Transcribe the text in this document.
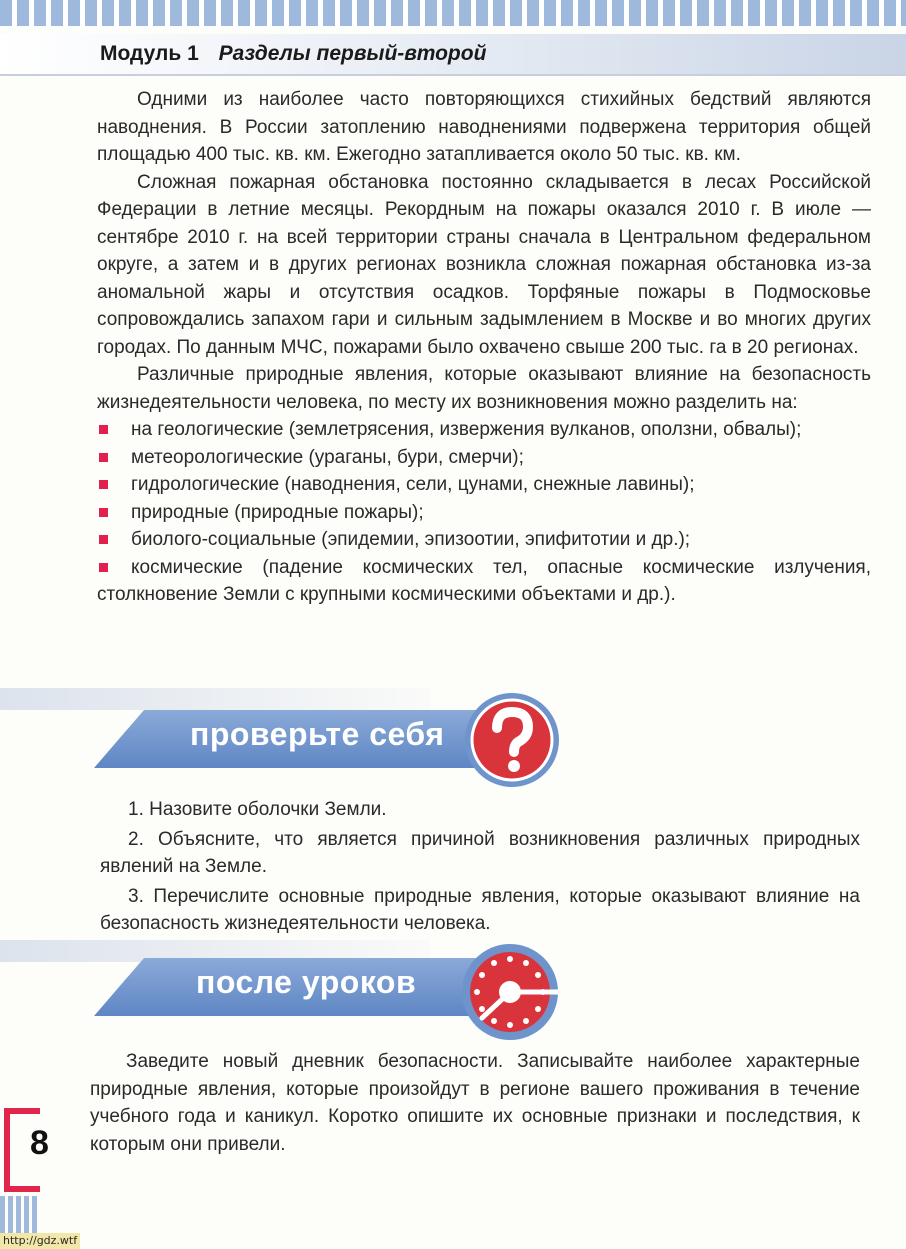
Модуль 1 Разделы первый-второй

Одними из наиболее часто повторяющихся стихийных бедствий являются наводнения. В России затоплению наводнениями подвержена территория общей площадью 400 тыс. кв. км. Ежегодно затапливается около 50 тыс. кв. км.

Сложная пожарная обстановка постоянно складывается в лесах Российской Федерации в летние месяцы. Рекордным на пожары оказался 2010 г. В июле — сентябре 2010 г. на всей территории страны сначала в Центральном федеральном округе, а затем и в других регионах возникла сложная пожарная обстановка из-за аномальной жары и отсутствия осадков. Торфяные пожары в Подмосковье сопровождались запахом гари и сильным задымлением в Москве и во многих других городах. По данным МЧС, пожарами было охвачено свыше 200 тыс. га в 20 регионах.

Различные природные явления, которые оказывают влияние на безопасность жизнедеятельности человека, по месту их возникновения можно разделить на:

на геологические (землетрясения, извержения вулканов, оползни, обвалы);
метеорологические (ураганы, бури, смерчи);
гидрологические (наводнения, сели, цунами, снежные лавины);
природные (природные пожары);
биолого-социальные (эпидемии, эпизоотии, эпифитотии и др.);
космические (падение космических тел, опасные космические излучения, столкновение Земли с крупными космическими объектами и др.).
проверьте себя

1. Назовите оболочки Земли.

2. Объясните, что является причиной возникновения различных природных явлений на Земле.

3. Перечислите основные природные явления, которые оказывают влияние на безопасность жизнедеятельности человека.

после уроков

Заведите новый дневник безопасности. Записывайте наиболее характерные природные явления, которые произойдут в регионе вашего проживания в течение учебного года и каникул. Коротко опишите их основные признаки и последствия, к которым они привели.

8
http://gdz.wtf
